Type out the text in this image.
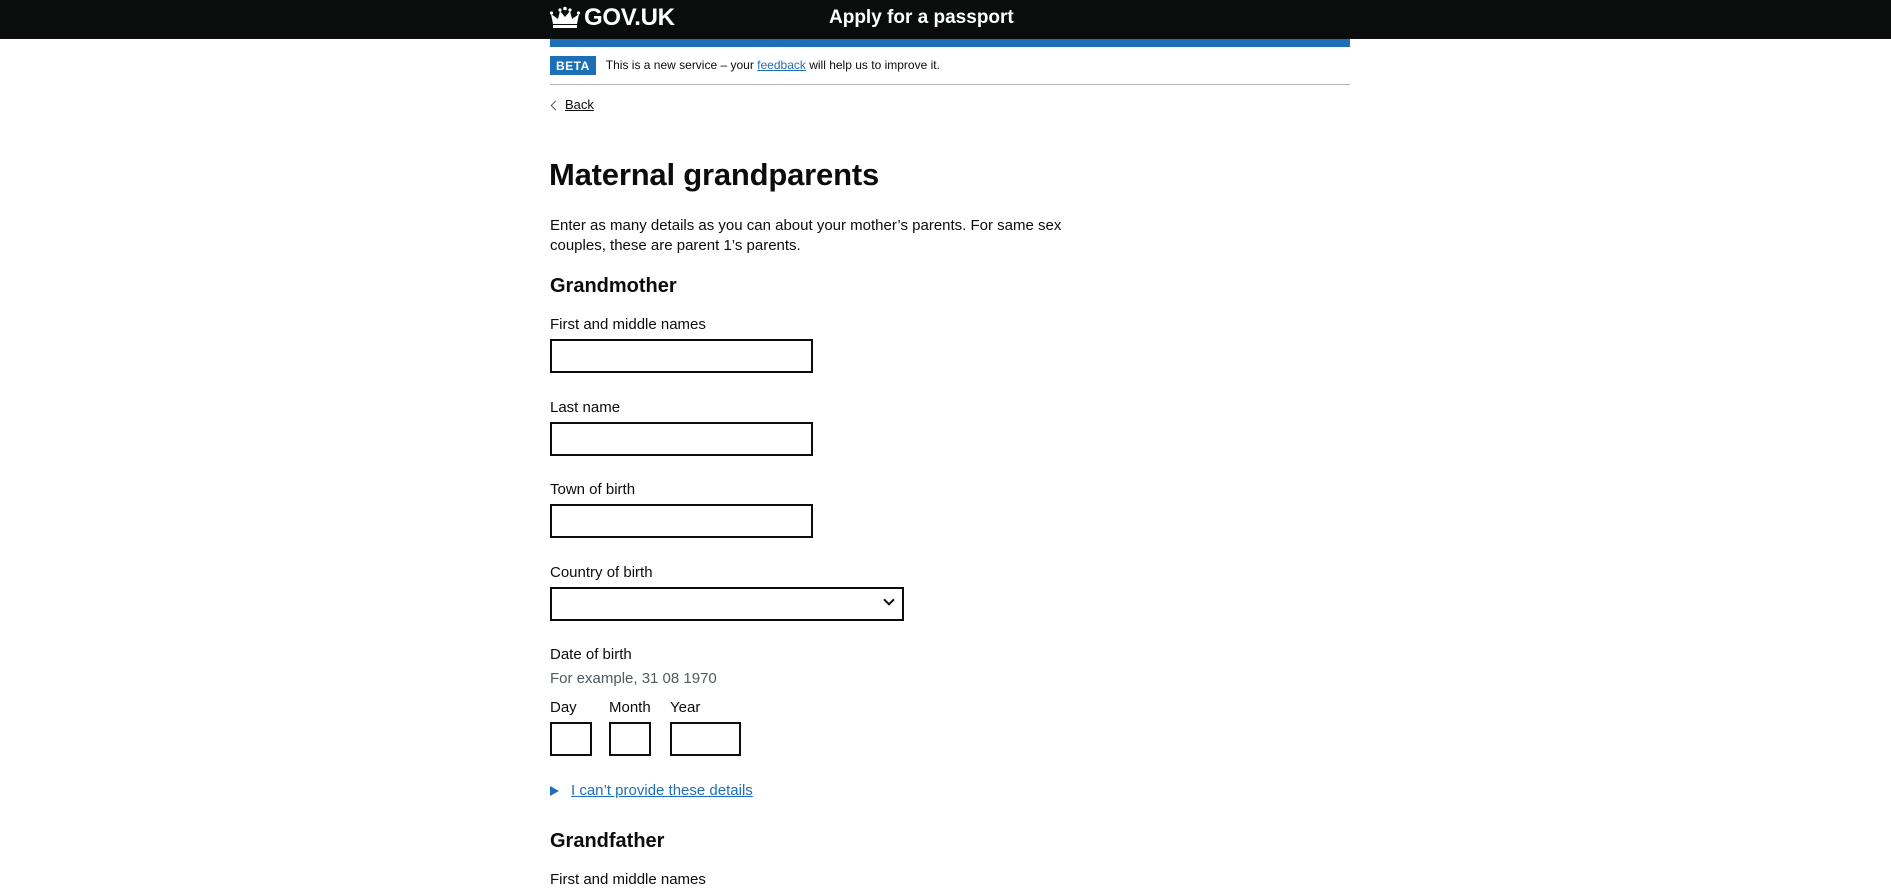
GOV.UK	Apply for a passport
BETA	This is a new service – your feedback will help us to improve it.
Back
Maternal grandparents

Enter as many details as you can about your mother’s parents. For same sex couples, these are parent 1’s parents.

Grandmother
First and middle names
Last name
Town of birth
Country of birth
Date of birth
For example, 31 08 1970
Day Month Year
I can’t provide these details
Grandfather
First and middle names
